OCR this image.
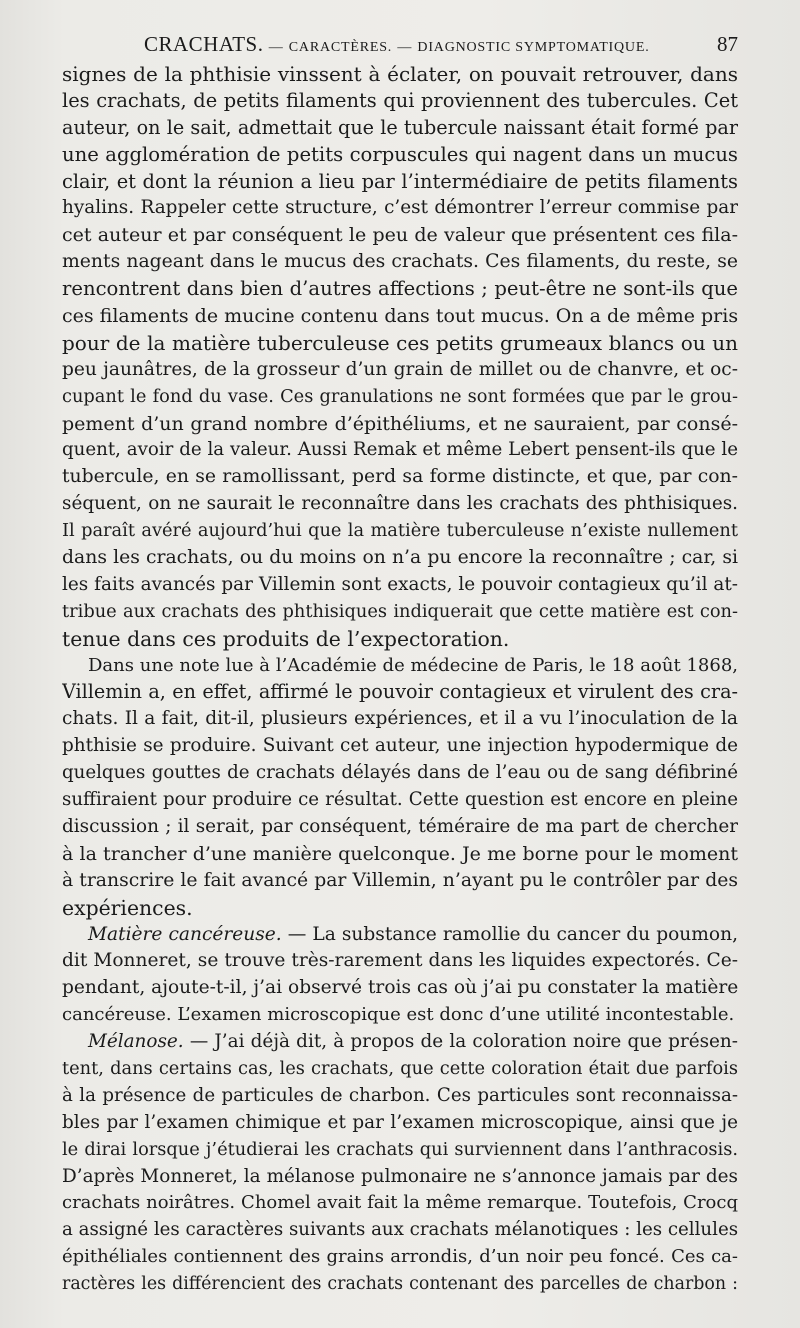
CRACHATS. — CARACTÈRES. — DIAGNOSTIC SYMPTOMATIQUE.	87
signes de la phthisie vinssent à éclater, on pouvait retrouver, dans
les crachats, de petits filaments qui proviennent des tubercules. Cet
auteur, on le sait, admettait que le tubercule naissant était formé par
une agglomération de petits corpuscules qui nagent dans un mucus
clair, et dont la réunion a lieu par l’intermédiaire de petits filaments
hyalins. Rappeler cette structure, c’est démontrer l’erreur commise par
cet auteur et par conséquent le peu de valeur que présentent ces fila-
ments nageant dans le mucus des crachats. Ces filaments, du reste, se
rencontrent dans bien d’autres affections ; peut-être ne sont-ils que
ces filaments de mucine contenu dans tout mucus. On a de même pris
pour de la matière tuberculeuse ces petits grumeaux blancs ou un
peu jaunâtres, de la grosseur d’un grain de millet ou de chanvre, et oc-
cupant le fond du vase. Ces granulations ne sont formées que par le grou-
pement d’un grand nombre d’épithéliums, et ne sauraient, par consé-
quent, avoir de la valeur. Aussi Remak et même Lebert pensent-ils que le
tubercule, en se ramollissant, perd sa forme distincte, et que, par con-
séquent, on ne saurait le reconnaître dans les crachats des phthisiques.
Il paraît avéré aujourd’hui que la matière tuberculeuse n’existe nullement
dans les crachats, ou du moins on n’a pu encore la reconnaître ; car, si
les faits avancés par Villemin sont exacts, le pouvoir contagieux qu’il at-
tribue aux crachats des phthisiques indiquerait que cette matière est con-
tenue dans ces produits de l’expectoration.
Dans une note lue à l’Académie de médecine de Paris, le 18 août 1868,
Villemin a, en effet, affirmé le pouvoir contagieux et virulent des cra-
chats. Il a fait, dit-il, plusieurs expériences, et il a vu l’inoculation de la
phthisie se produire. Suivant cet auteur, une injection hypodermique de
quelques gouttes de crachats délayés dans de l’eau ou de sang défibriné
suffiraient pour produire ce résultat. Cette question est encore en pleine
discussion ; il serait, par conséquent, téméraire de ma part de chercher
à la trancher d’une manière quelconque. Je me borne pour le moment
à transcrire le fait avancé par Villemin, n’ayant pu le contrôler par des
expériences.
Matière cancéreuse. — La substance ramollie du cancer du poumon,
dit Monneret, se trouve très-rarement dans les liquides expectorés. Ce-
pendant, ajoute-t-il, j’ai observé trois cas où j’ai pu constater la matière
cancéreuse. L’examen microscopique est donc d’une utilité incontestable.
Mélanose. — J’ai déjà dit, à propos de la coloration noire que présen-
tent, dans certains cas, les crachats, que cette coloration était due parfois
à la présence de particules de charbon. Ces particules sont reconnaissa-
bles par l’examen chimique et par l’examen microscopique, ainsi que je
le dirai lorsque j’étudierai les crachats qui surviennent dans l’anthracosis.
D’après Monneret, la mélanose pulmonaire ne s’annonce jamais par des
crachats noirâtres. Chomel avait fait la même remarque. Toutefois, Crocq
a assigné les caractères suivants aux crachats mélanotiques : les cellules
épithéliales contiennent des grains arrondis, d’un noir peu foncé. Ces ca-
ractères les différencient des crachats contenant des parcelles de charbon :
